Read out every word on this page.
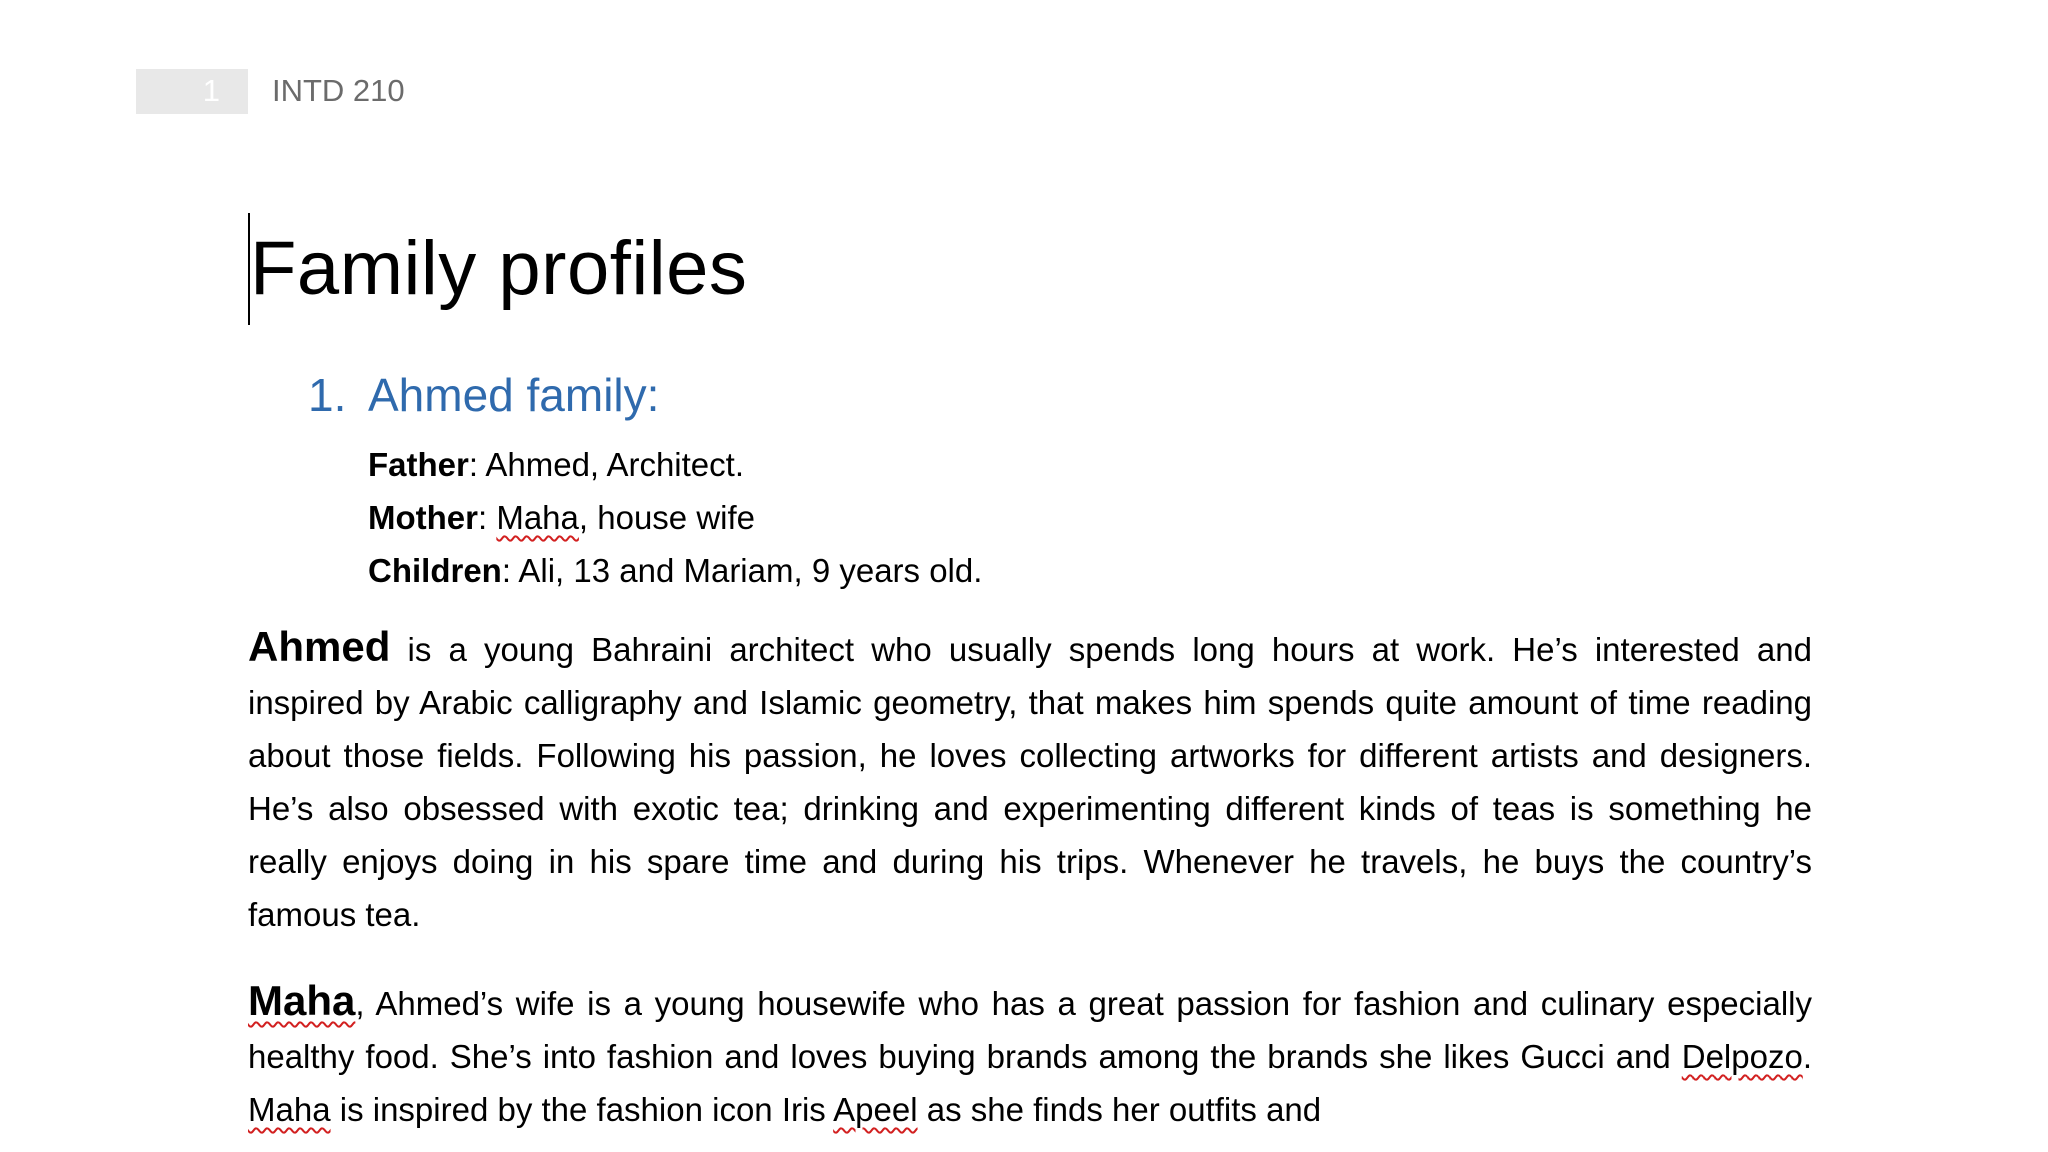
1 INTD 210
Family profiles
1. Ahmed family:
Father: Ahmed, Architect.
Mother: Maha, house wife
Children: Ali, 13 and Mariam, 9 years old.

Ahmed is a young Bahraini architect who usually spends long hours at work. He’s interested and inspired by Arabic calligraphy and Islamic geometry, that makes him spends quite amount of time reading about those fields. Following his passion, he loves collecting artworks for different artists and designers. He’s also obsessed with exotic tea; drinking and experimenting different kinds of teas is something he really enjoys doing in his spare time and during his trips. Whenever he travels, he buys the country’s famous tea.

Maha, Ahmed’s wife is a young housewife who has a great passion for fashion and culinary especially healthy food. She’s into fashion and loves buying brands among the brands she likes Gucci and Delpozo. Maha is inspired by the fashion icon Iris Apeel as she finds her outfits and
